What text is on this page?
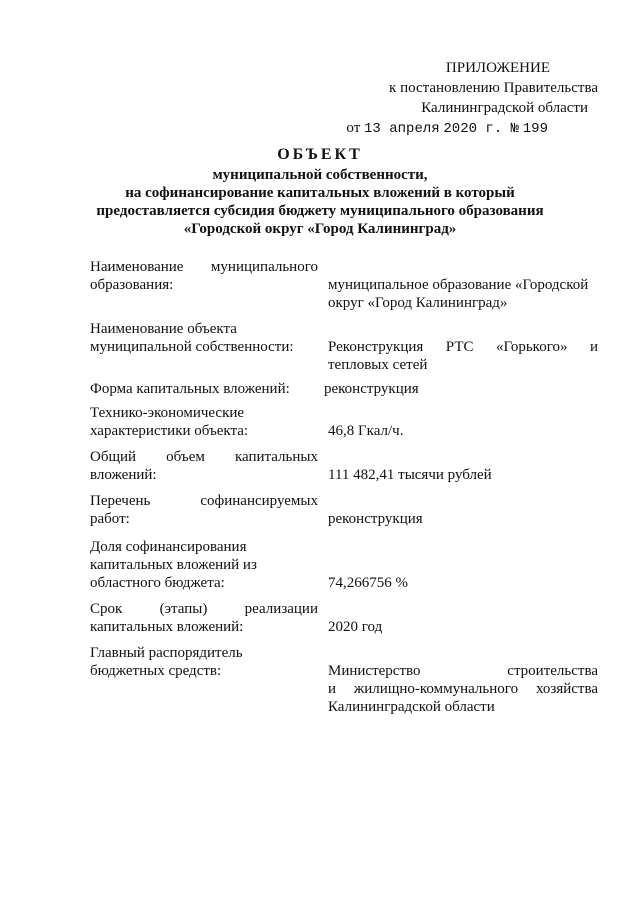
ПРИЛОЖЕНИЕ
к постановлению Правительства
Калининградской области
от 13 апреля 2020 г. № 199
ОБЪЕКТ
муниципальной собственности,
на софинансирование капитальных вложений в который
предоставляется субсидия бюджету муниципального образования
«Городской округ «Город Калининград»
Наименование муниципального
образования:	муниципальное образование «Городской
округ «Город Калининград»
Наименование объекта
муниципальной собственности:	Реконструкция РТС «Горького» и
тепловых сетей
Форма капитальных вложений:	реконструкция
Технико-экономические
характеристики объекта:	46,8 Гкал/ч.
Общий объем капитальных
вложений:	111 482,41 тысячи рублей
Перечень софинансируемых
работ:	реконструкция
Доля софинансирования
капитальных вложений из
областного бюджета:	74,266756 %
Срок (этапы) реализации
капитальных вложений:	2020 год
Главный распорядитель
бюджетных средств:	Министерство строительства
и жилищно-коммунального хозяйства
Калининградской области
